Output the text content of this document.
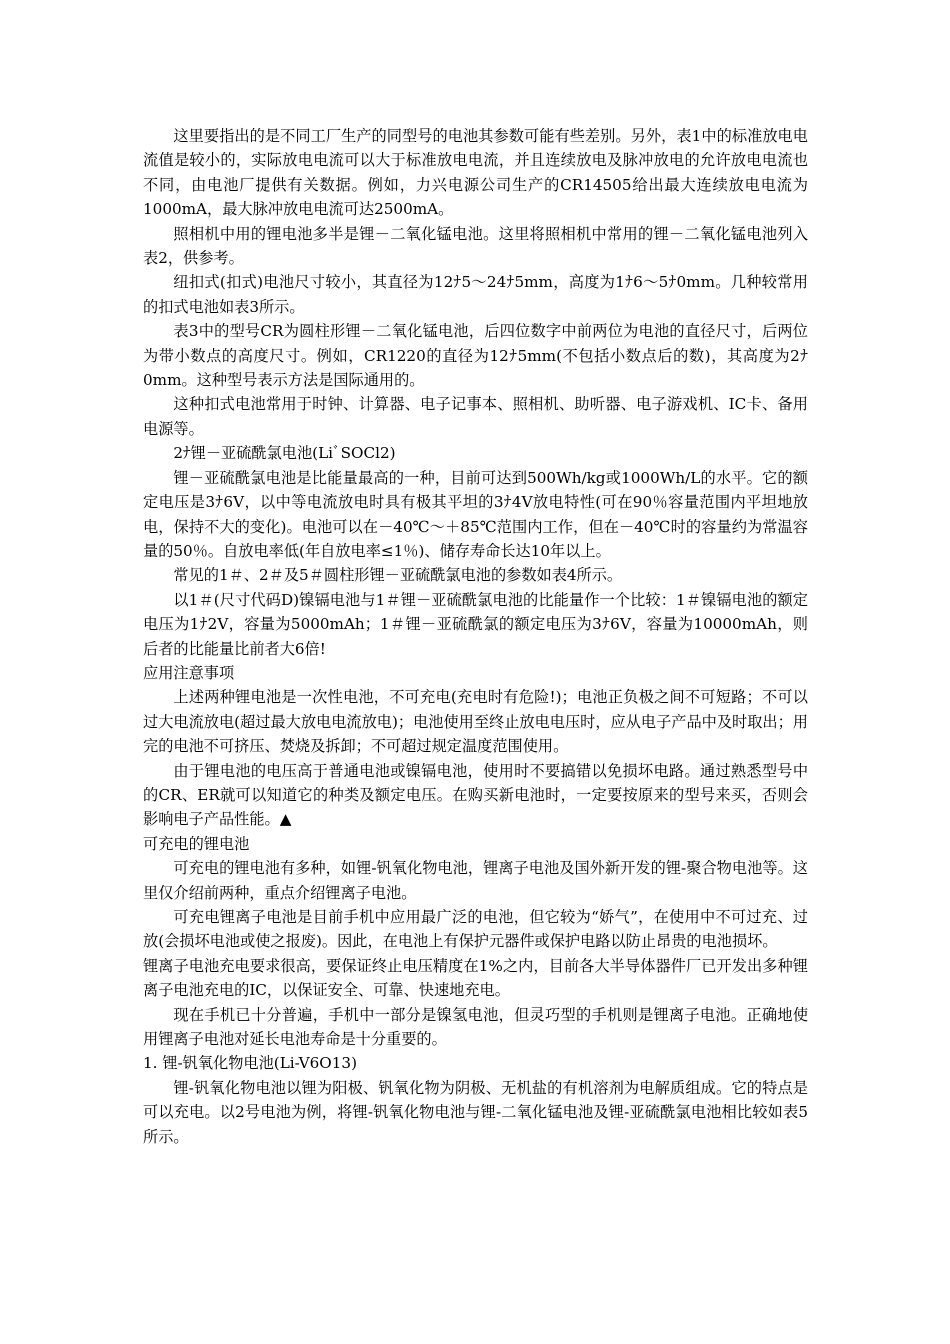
这里要指出的是不同工厂生产的同型号的电池其参数可能有些差别。另外，表1中的标准放电电流值是较小的，实际放电电流可以大于标准放电电流，并且连续放电及脉冲放电的允许放电电流也不同，由电池厂提供有关数据。例如，力兴电源公司生产的CR14505给出最大连续放电电流为1000mA，最大脉冲放电电流可达2500mA。

照相机中用的锂电池多半是锂－二氧化锰电池。这里将照相机中常用的锂－二氧化锰电池列入表2，供参考。

纽扣式(扣式)电池尺寸较小，其直径为12ﾅ5～24ﾅ5mm，高度为1ﾅ6～5ﾅ0mm。几种较常用的扣式电池如表3所示。

表3中的型号CR为圆柱形锂－二氧化锰电池，后四位数字中前两位为电池的直径尺寸，后两位为带小数点的高度尺寸。例如，CR1220的直径为12ﾅ5mm(不包括小数点后的数)，其高度为2ﾅ0mm。这种型号表示方法是国际通用的。

这种扣式电池常用于时钟、计算器、电子记事本、照相机、助听器、电子游戏机、IC卡、备用电源等。

2ﾅ锂－亚硫酰氯电池(LiﾞSOCl2)

锂－亚硫酰氯电池是比能量最高的一种，目前可达到500Wh/kg或1000Wh/L的水平。它的额定电压是3ﾅ6V，以中等电流放电时具有极其平坦的3ﾅ4V放电特性(可在90％容量范围内平坦地放电，保持不大的变化)。电池可以在－40℃～＋85℃范围内工作，但在－40℃时的容量约为常温容量的50％。自放电率低(年自放电率≤1％)、储存寿命长达10年以上。

常见的1＃、2＃及5＃圆柱形锂－亚硫酰氯电池的参数如表4所示。

以1＃(尺寸代码D)镍镉电池与1＃锂－亚硫酰氯电池的比能量作一个比较：1＃镍镉电池的额定电压为1ﾅ2V，容量为5000mAh；1＃锂－亚硫酰氯的额定电压为3ﾅ6V，容量为10000mAh，则后者的比能量比前者大6倍!

应用注意事项

上述两种锂电池是一次性电池，不可充电(充电时有危险!)；电池正负极之间不可短路；不可以过大电流放电(超过最大放电电流放电)；电池使用至终止放电电压时，应从电子产品中及时取出；用完的电池不可挤压、焚烧及拆卸；不可超过规定温度范围使用。

由于锂电池的电压高于普通电池或镍镉电池，使用时不要搞错以免损坏电路。通过熟悉型号中的CR、ER就可以知道它的种类及额定电压。在购买新电池时，一定要按原来的型号来买，否则会影响电子产品性能。▲

可充电的锂电池

可充电的锂电池有多种，如锂-钒氧化物电池，锂离子电池及国外新开发的锂-聚合物电池等。这里仅介绍前两种，重点介绍锂离子电池。

可充电锂离子电池是目前手机中应用最广泛的电池，但它较为“娇气”，在使用中不可过充、过放(会损坏电池或使之报废)。因此，在电池上有保护元器件或保护电路以防止昂贵的电池损坏。

锂离子电池充电要求很高，要保证终止电压精度在1%之内，目前各大半导体器件厂已开发出多种锂离子电池充电的IC，以保证安全、可靠、快速地充电。

现在手机已十分普遍，手机中一部分是镍氢电池，但灵巧型的手机则是锂离子电池。正确地使用锂离子电池对延长电池寿命是十分重要的。

1. 锂-钒氧化物电池(Li-V6O13)

锂-钒氧化物电池以锂为阳极、钒氧化物为阴极、无机盐的有机溶剂为电解质组成。它的特点是可以充电。以2号电池为例，将锂-钒氧化物电池与锂-二氧化锰电池及锂-亚硫酰氯电池相比较如表5所示。
